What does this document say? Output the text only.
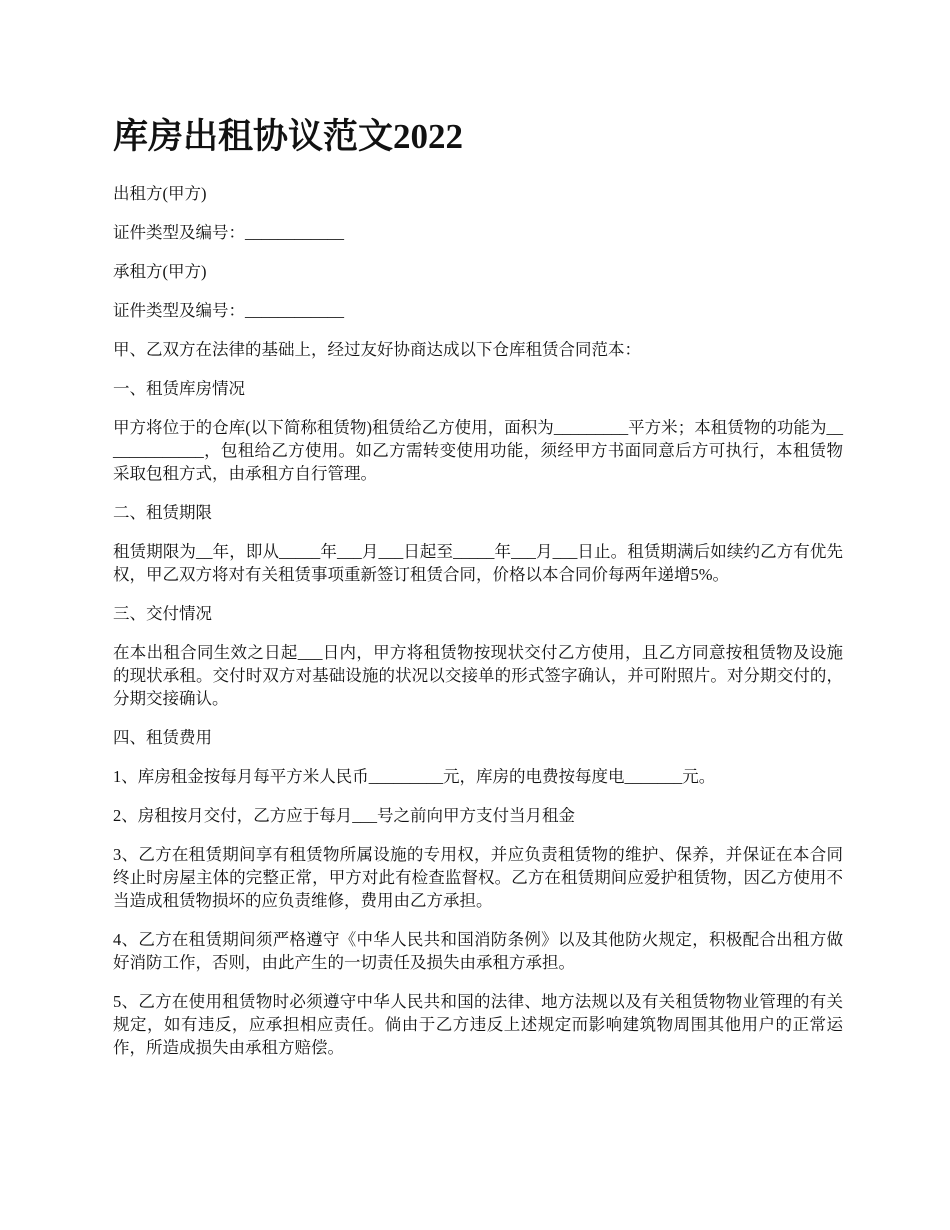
库房出租协议范文2022

出租方(甲方)

证件类型及编号：____________

承租方(甲方)

证件类型及编号：____________

甲、乙双方在法律的基础上，经过友好协商达成以下仓库租赁合同范本：

一、租赁库房情况

甲方将位于的仓库(以下简称租赁物)租赁给乙方使用，面积为_________平方米；本租赁物的功能为_____________，包租给乙方使用。如乙方需转变使用功能，须经甲方书面同意后方可执行，本租赁物采取包租方式，由承租方自行管理。

二、租赁期限

租赁期限为__年，即从_____年___月___日起至_____年___月___日止。租赁期满后如续约乙方有优先权，甲乙双方将对有关租赁事项重新签订租赁合同，价格以本合同价每两年递增5%。

三、交付情况

在本出租合同生效之日起___日内，甲方将租赁物按现状交付乙方使用，且乙方同意按租赁物及设施的现状承租。交付时双方对基础设施的状况以交接单的形式签字确认，并可附照片。对分期交付的，分期交接确认。

四、租赁费用

1、库房租金按每月每平方米人民币_________元，库房的电费按每度电_______元。

2、房租按月交付，乙方应于每月___号之前向甲方支付当月租金

3、乙方在租赁期间享有租赁物所属设施的专用权，并应负责租赁物的维护、保养，并保证在本合同终止时房屋主体的完整正常，甲方对此有检查监督权。乙方在租赁期间应爱护租赁物，因乙方使用不当造成租赁物损坏的应负责维修，费用由乙方承担。

4、乙方在租赁期间须严格遵守《中华人民共和国消防条例》以及其他防火规定，积极配合出租方做好消防工作，否则，由此产生的一切责任及损失由承租方承担。

5、乙方在使用租赁物时必须遵守中华人民共和国的法律、地方法规以及有关租赁物物业管理的有关规定，如有违反，应承担相应责任。倘由于乙方违反上述规定而影响建筑物周围其他用户的正常运作，所造成损失由承租方赔偿。
